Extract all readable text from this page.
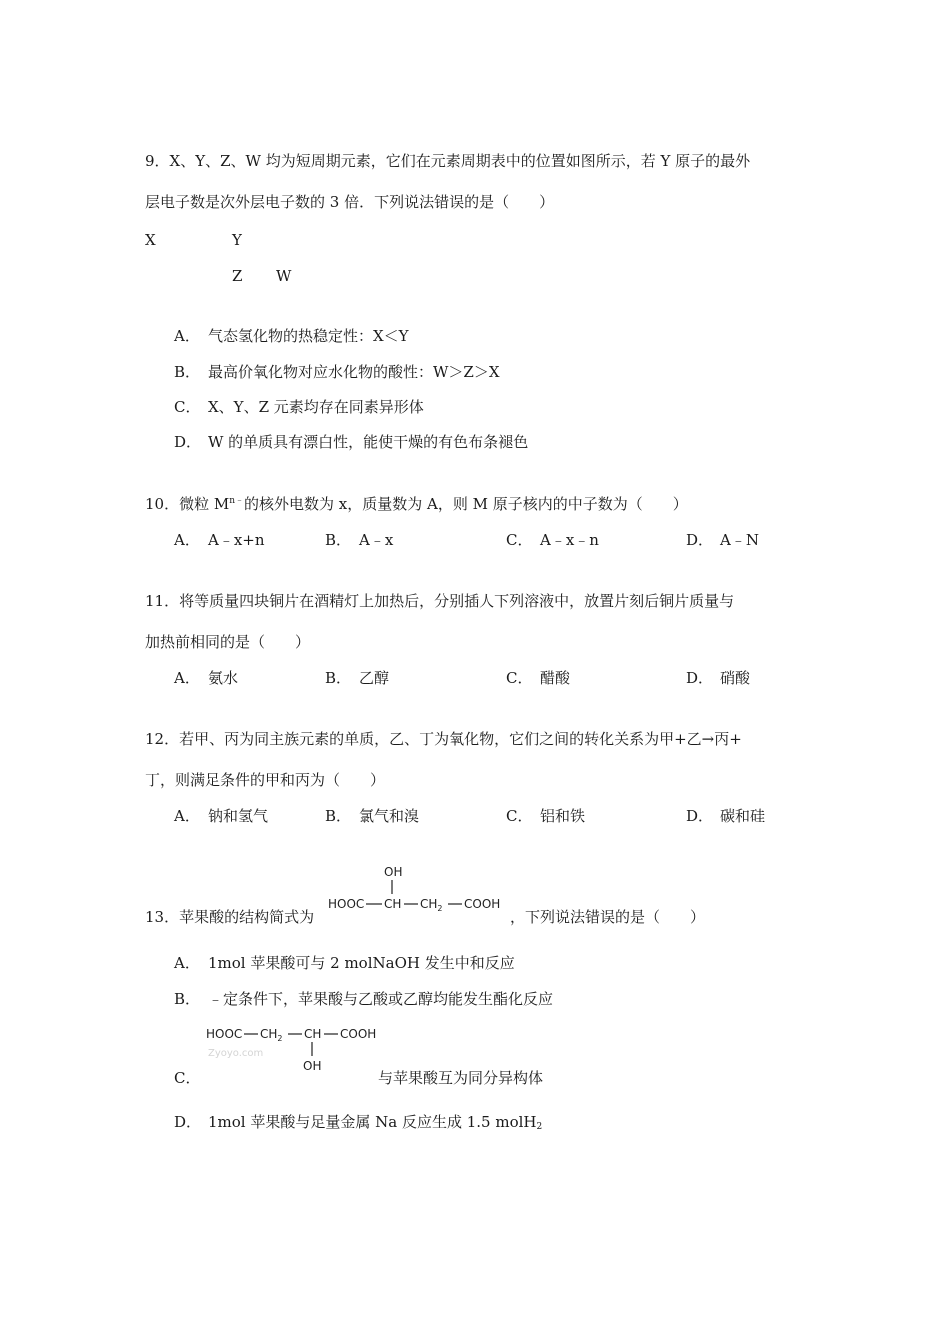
9．X、Y、Z、W 均为短周期元素，它们在元素周期表中的位置如图所示，若 Y 原子的最外
层电子数是次外层电子数的 3 倍．下列说法错误的是（　　）
X	Y
Z W
A． 气态氢化物的热稳定性：X＜Y
B． 最高价氧化物对应水化物的酸性：W＞Z＞X
C． X、Y、Z 元素均存在同素异形体
D． W 的单质具有漂白性，能使干燥的有色布条褪色
10．微粒 $M^{n﹣}$的核外电数为 x，质量数为 A，则 M 原子核内的中子数为（　　）
A． A﹣x+n	B． A﹣x	C． A﹣x﹣n	D． A﹣N
11．将等质量四块铜片在酒精灯上加热后，分别插人下列溶液中，放置片刻后铜片质量与
加热前相同的是（　　）
A． 氨水	B． 乙醇	C． 醋酸	D． 硝酸
12．若甲、丙为同主族元素的单质，乙、丁为氧化物，它们之间的转化关系为甲+乙→丙+
丁，则满足条件的甲和丙为（　　）
A． 钠和氢气	B． 氯气和溴	C． 铝和铁	D． 碳和硅
13．苹果酸的结构简式为
OH
HOOC CH $CH_2$ COOH
，下列说法错误的是（　　）
A． 1mol 苹果酸可与 2 molNaOH 发生中和反应
B． ﹣定条件下，苹果酸与乙酸或乙醇均能发生酯化反应
HOOC $CH_2$ CH COOH
OH
Zyoyo.com
C．	与苹果酸互为同分异构体
D． 1mol 苹果酸与足量金属 Na 反应生成 1.5 molH$_2$
